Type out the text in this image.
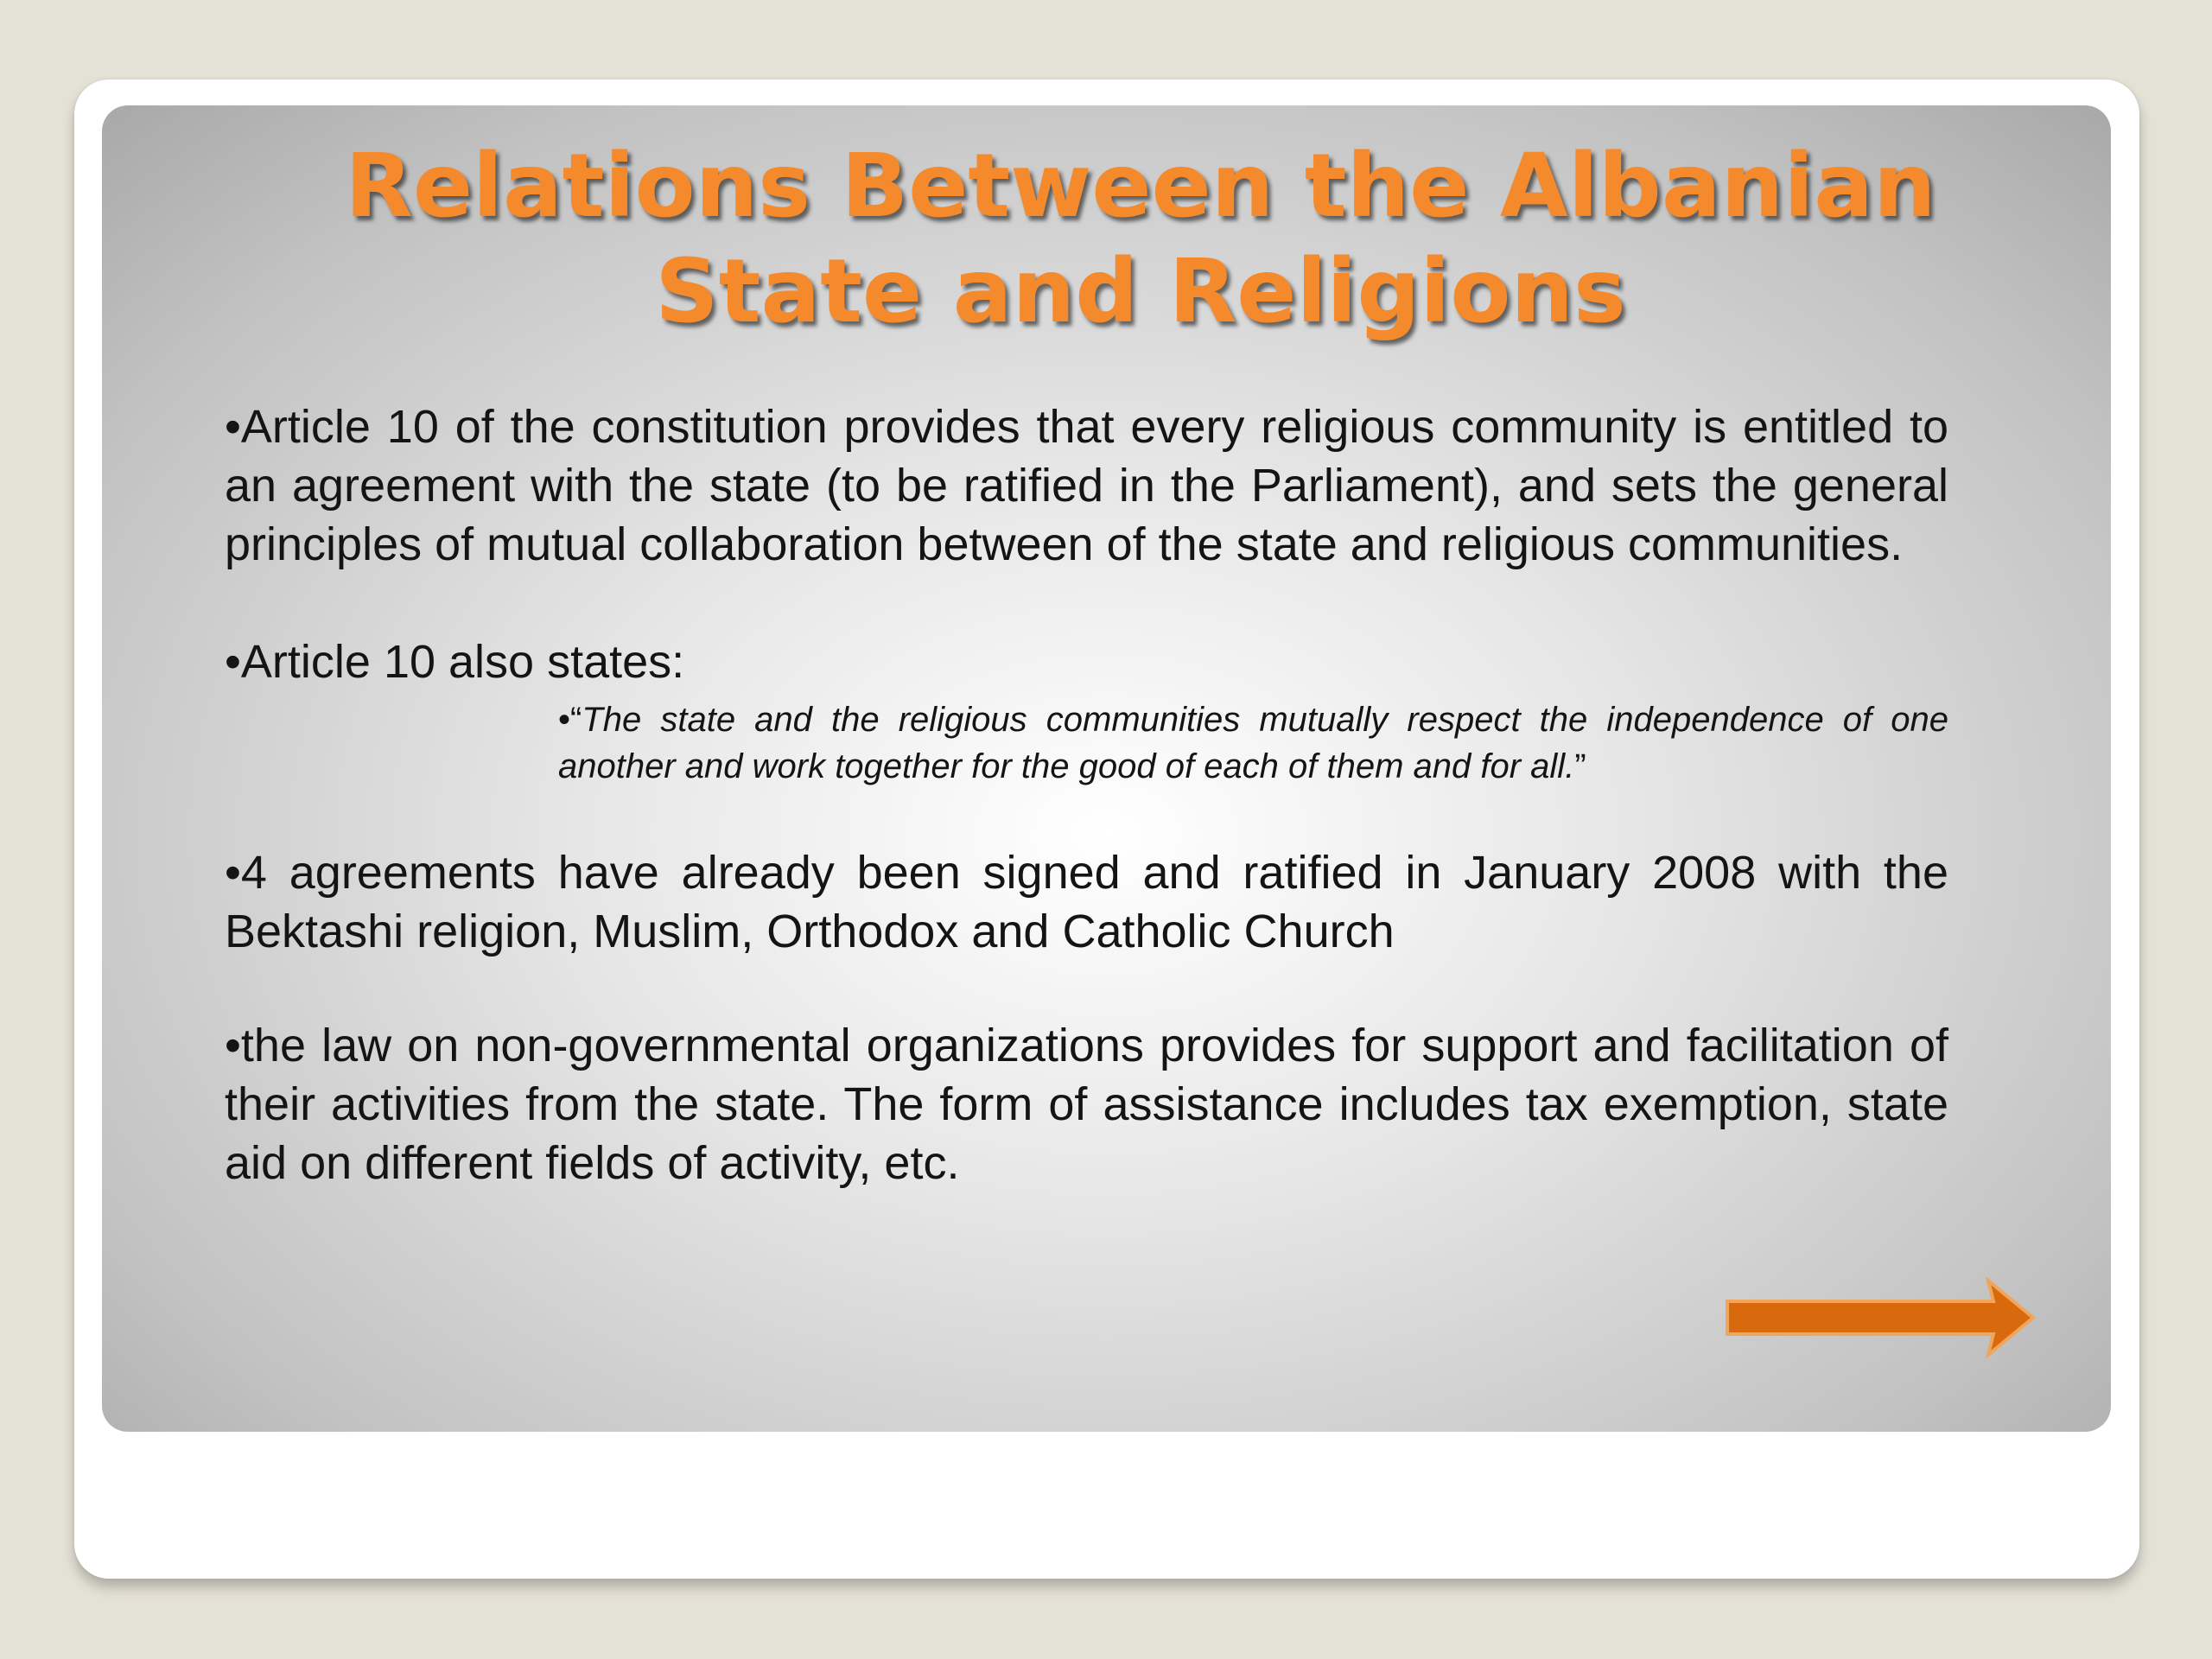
Relations Between the Albanian
State and Religions

•Article 10 of the constitution provides that every religious community is entitled to an agreement with the state (to be ratified in the Parliament), and sets the general principles of mutual collaboration between of the state and religious communities.

•Article 10 also states:

•“The state and the religious communities mutually respect the independence of one another and work together for the good of each of them and for all.”

•4 agreements have already been signed and ratified in January 2008 with the Bektashi religion, Muslim, Orthodox and Catholic Church

•the law on non-governmental organizations provides for support and facilitation of their activities from the state. The form of assistance includes tax exemption, state aid on different fields of activity, etc.
